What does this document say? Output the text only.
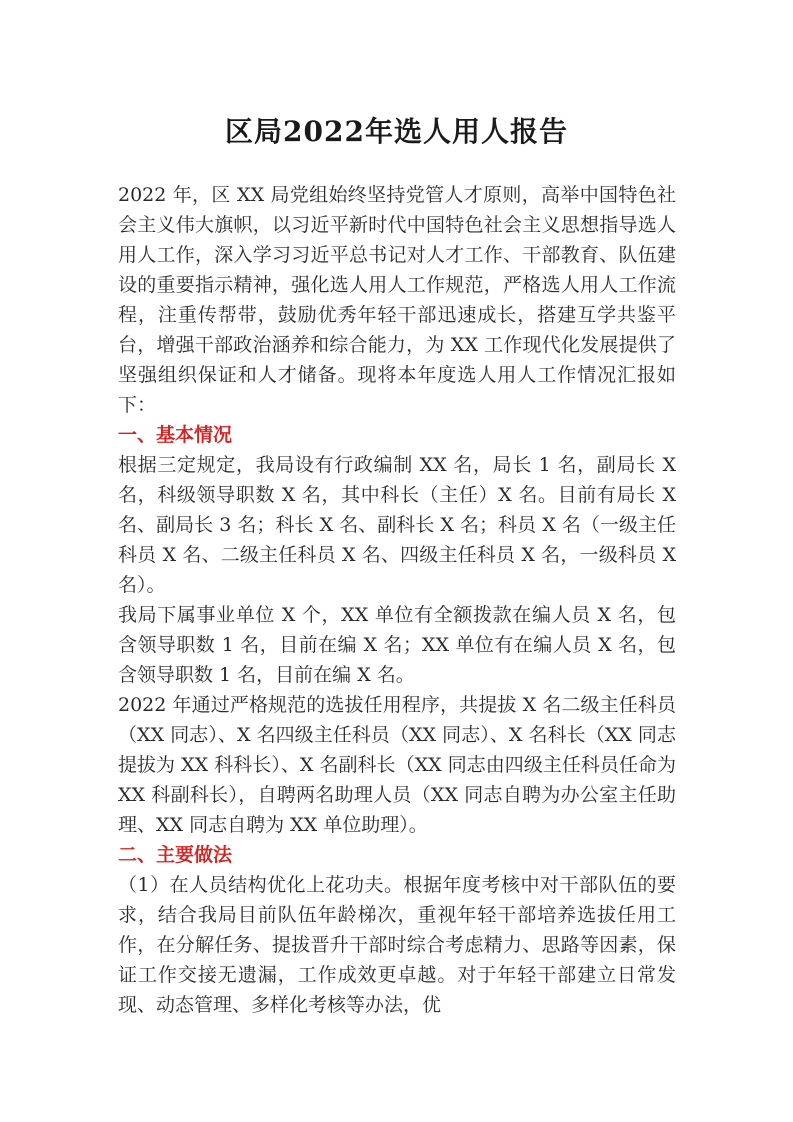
区局2022年选人用人报告

2022 年，区 XX 局党组始终坚持党管人才原则，高举中国特色社会主义伟大旗帜，以习近平新时代中国特色社会主义思想指导选人用人工作，深入学习习近平总书记对人才工作、干部教育、队伍建设的重要指示精神，强化选人用人工作规范，严格选人用人工作流程，注重传帮带，鼓励优秀年轻干部迅速成长，搭建互学共鉴平台，增强干部政治涵养和综合能力，为 XX 工作现代化发展提供了坚强组织保证和人才储备。现将本年度选人用人工作情况汇报如下：

一、基本情况

根据三定规定，我局设有行政编制 XX 名，局长 1 名，副局长 X 名，科级领导职数 X 名，其中科长（主任）X 名。目前有局长 X 名、副局长 3 名；科长 X 名、副科长 X 名；科员 X 名（一级主任科员 X 名、二级主任科员 X 名、四级主任科员 X 名，一级科员 X 名）。

我局下属事业单位 X 个，XX 单位有全额拨款在编人员 X 名，包含领导职数 1 名，目前在编 X 名；XX 单位有在编人员 X 名，包含领导职数 1 名，目前在编 X 名。

2022 年通过严格规范的选拔任用程序，共提拔 X 名二级主任科员（XX 同志）、X 名四级主任科员（XX 同志）、X 名科长（XX 同志提拔为 XX 科科长）、X 名副科长（XX 同志由四级主任科员任命为 XX 科副科长），自聘两名助理人员（XX 同志自聘为办公室主任助理、XX 同志自聘为 XX 单位助理）。

二、主要做法

（1）在人员结构优化上花功夫。根据年度考核中对干部队伍的要求，结合我局目前队伍年龄梯次，重视年轻干部培养选拔任用工作，在分解任务、提拔晋升干部时综合考虑精力、思路等因素，保证工作交接无遗漏，工作成效更卓越。对于年轻干部建立日常发现、动态管理、多样化考核等办法，优
